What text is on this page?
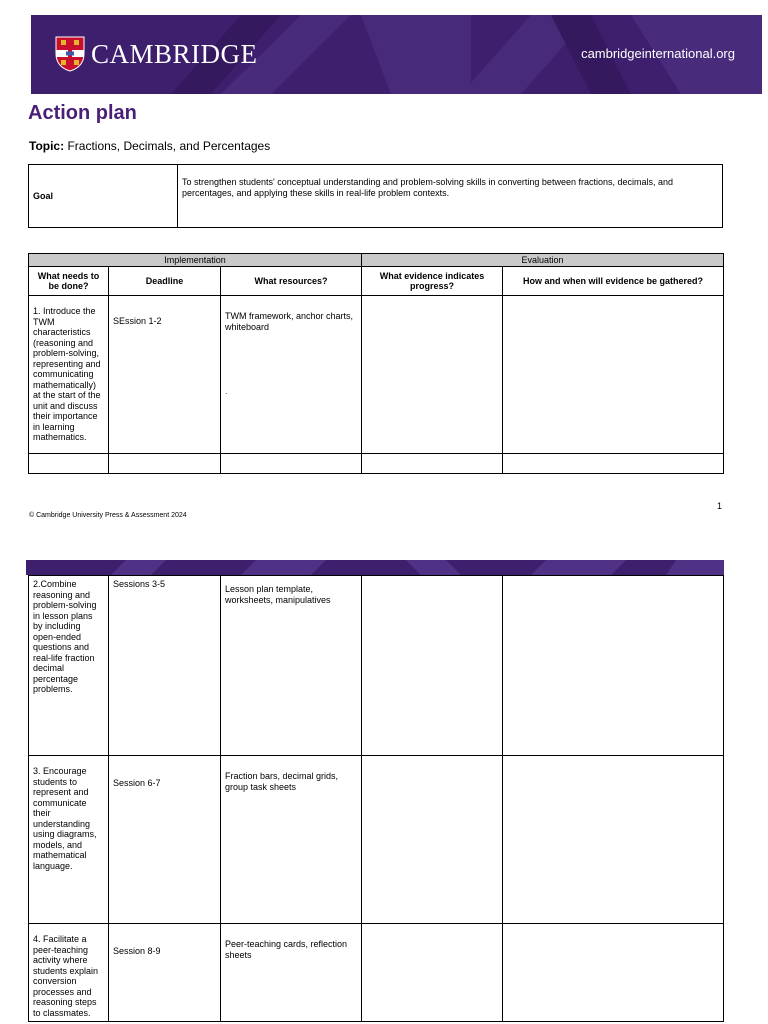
CAMBRIDGE	cambridgeinternational.org
Action plan
Topic: Fractions, Decimals, and Percentages
Goal	To strengthen students' conceptual understanding and problem-solving skills in converting between fractions, decimals, and percentages, and applying these skills in real-life problem contexts.
Implementation			Evaluation	
What needs to be done?	Deadline	What resources?	What evidence indicates progress?	How and when will evidence be gathered?
1. Introduce the TWM characteristics (reasoning and problem-solving, representing and communicating mathematically) at the start of the unit and discuss their importance in learning mathematics.	SEssion 1-2	TWM framework, anchor charts, whiteboard
.		

© Cambridge University Press & Assessment 2024
1
2.Combine reasoning and problem-solving in lesson plans by including open-ended questions and real-life fraction decimal percentage problems.	Sessions 3-5	Lesson plan template, worksheets, manipulatives		
3. Encourage students to represent and communicate their understanding using diagrams, models, and mathematical language.	Session 6-7	Fraction bars, decimal grids, group task sheets		
4. Facilitate a peer-teaching activity where students explain conversion processes and reasoning steps to classmates.	Session 8-9	Peer-teaching cards, reflection sheets		
